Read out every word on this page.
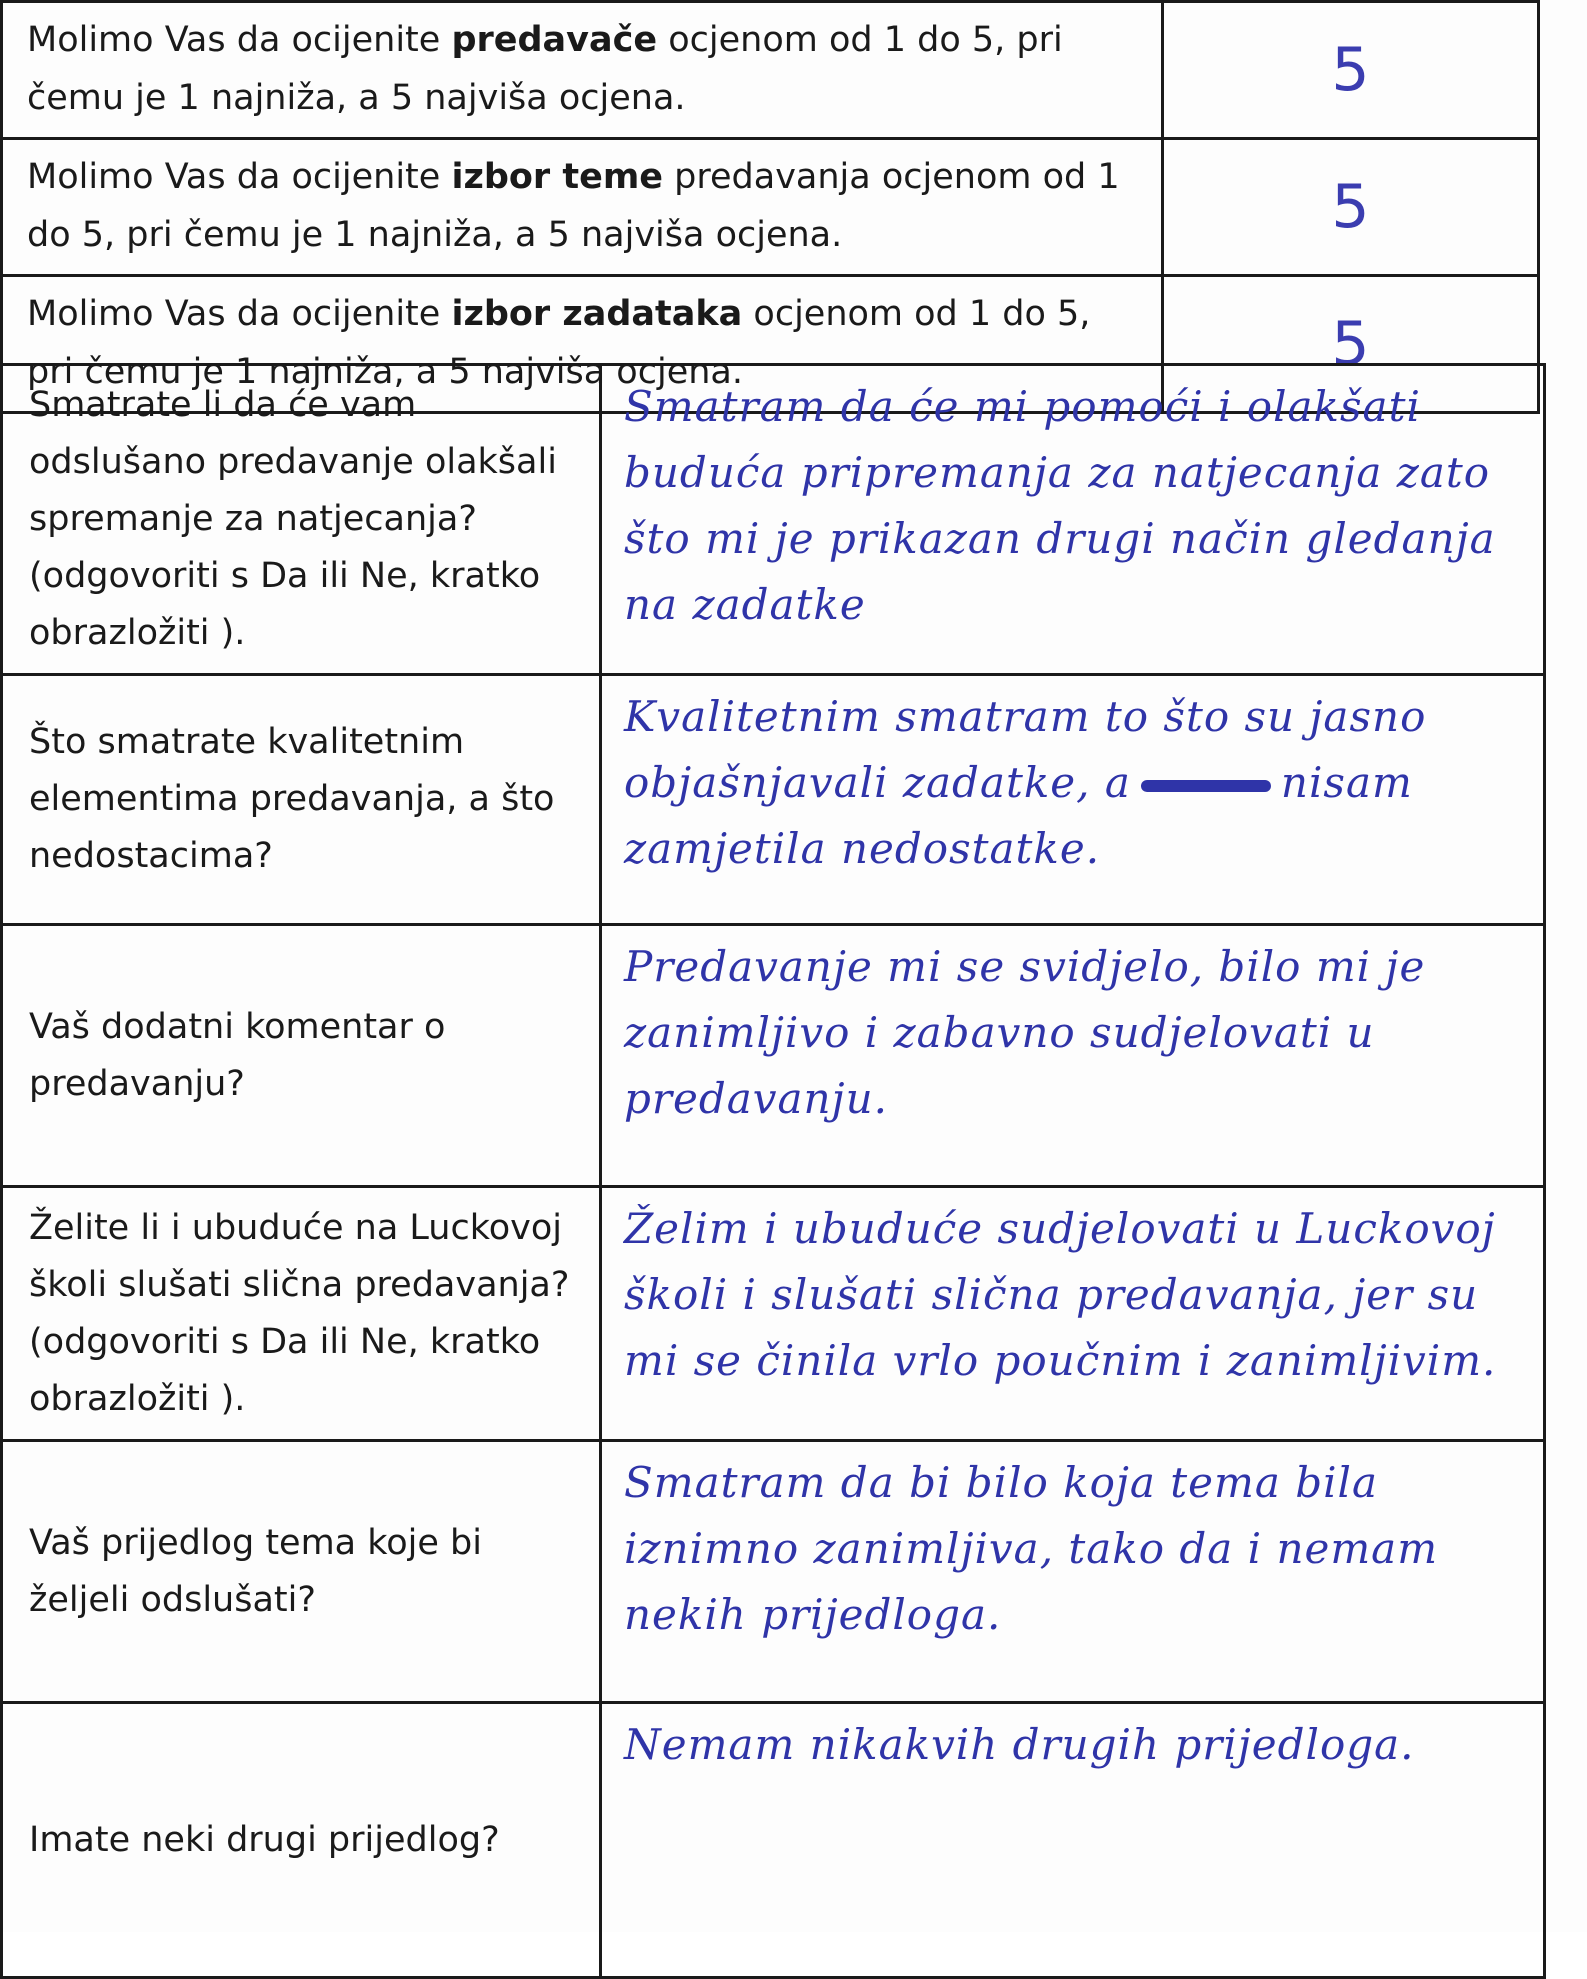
Molimo Vas da ocijenite predavače ocjenom od 1 do 5, pri čemu je 1 najniža, a 5 najviša ocjena.	5
Molimo Vas da ocijenite izbor teme predavanja ocjenom od 1 do 5, pri čemu je 1 najniža, a 5 najviša ocjena.	5
Molimo Vas da ocijenite izbor zadataka ocjenom od 1 do 5, pri čemu je 1 najniža, a 5 najviša ocjena.	5
Smatrate li da će vam odslušano predavanje olakšali spremanje za natjecanja? (odgovoriti s Da ili Ne, kratko obrazložiti ).	Smatram da će mi pomoći i olakšati buduća pripremanja za natjecanja zato što mi je prikazan drugi način gledanja na zadatke
Što smatrate kvalitetnim elementima predavanja, a što nedostacima?	Kvalitetnim smatram to što su jasno objašnjavali zadatke, a nisam zamjetila nedostatke.
Vaš dodatni komentar o predavanju?	Predavanje mi se svidjelo, bilo mi je zanimljivo i zabavno sudjelovati u predavanju.
Želite li i ubuduće na Luckovoj školi slušati slična predavanja? (odgovoriti s Da ili Ne, kratko obrazložiti ).	Želim i ubuduće sudjelovati u Luckovoj školi i slušati slična predavanja, jer su mi se činila vrlo poučnim i zanimljivim.
Vaš prijedlog tema koje bi željeli odslušati?	Smatram da bi bilo koja tema bila iznimno zanimljiva, tako da i nemam nekih prijedloga.
Imate neki drugi prijedlog?	Nemam nikakvih drugih prijedloga.
